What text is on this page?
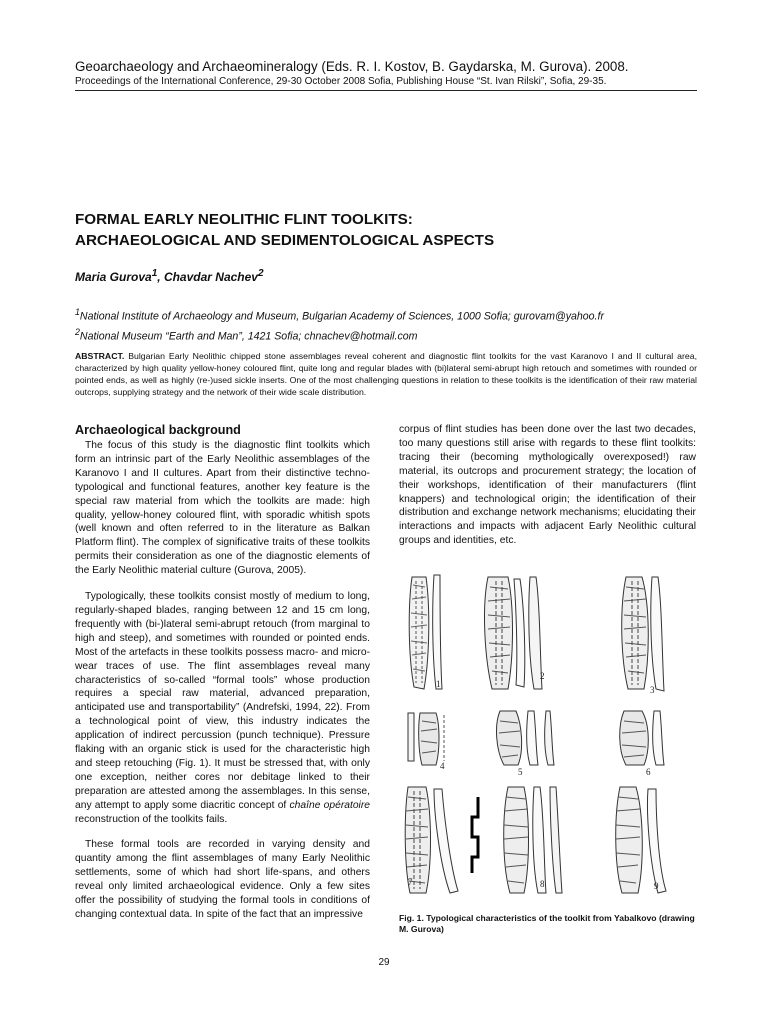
Geoarchaeology and Archaeomineralogy (Eds. R. I. Kostov, B. Gaydarska, M. Gurova). 2008.
Proceedings of the International Conference, 29-30 October 2008 Sofia, Publishing House “St. Ivan Rilski”, Sofia, 29-35.
FORMAL EARLY NEOLITHIC FLINT TOOLKITS:
ARCHAEOLOGICAL AND SEDIMENTOLOGICAL ASPECTS
Maria Gurova$^1$, Chavdar Nachev$^2$
$^1$National Institute of Archaeology and Museum, Bulgarian Academy of Sciences, 1000 Sofia; gurovam@yahoo.fr
$^2$National Museum “Earth and Man”, 1421 Sofia; chnachev@hotmail.com
ABSTRACT. Bulgarian Early Neolithic chipped stone assemblages reveal coherent and diagnostic flint toolkits for the vast Karanovo I and II cultural area, characterized by high quality yellow-honey coloured flint, quite long and regular blades with (bi)lateral semi-abrupt high retouch and sometimes with rounded or pointed ends, as well as highly (re-)used sickle inserts. One of the most challenging questions in relation to these toolkits is the identification of their raw material outcrops, supplying strategy and the network of their wide scale distribution.
Archaeological background

The focus of this study is the diagnostic flint toolkits which form an intrinsic part of the Early Neolithic assemblages of the Karanovo I and II cultures. Apart from their distinctive techno-typological and functional features, another key feature is the special raw material from which the toolkits are made: high quality, yellow-honey coloured flint, with sporadic whitish spots (well known and often referred to in the literature as Balkan Platform flint). The complex of significative traits of these toolkits permits their consideration as one of the diagnostic elements of the Early Neolithic material culture (Gurova, 2005).

Typologically, these toolkits consist mostly of medium to long, regularly-shaped blades, ranging between 12 and 15 cm long, frequently with (bi-)lateral semi-abrupt retouch (from marginal to high and steep), and sometimes with rounded or pointed ends. Most of the artefacts in these toolkits possess macro- and micro-wear traces of use. The flint assemblages reveal many characteristics of so-called “formal tools” whose production requires a special raw material, advanced preparation, anticipated use and transportability” (Andrefski, 1994, 22). From a technological point of view, this industry indicates the application of indirect percussion (punch technique). Pressure flaking with an organic stick is used for the characteristic high and steep retouching (Fig. 1). It must be stressed that, with only one exception, neither cores nor debitage linked to their preparation are attested among the assemblages. In this sense, any attempt to apply some diacritic concept of chaîne opératoire reconstruction of the toolkits fails.

These formal tools are recorded in varying density and quantity among the flint assemblages of many Early Neolithic settlements, some of which had short life-spans, and others reveal only limited archaeological evidence. Only a few sites offer the possibility of studying the formal tools in conditions of changing contextual data. In spite of the fact that an impressive

corpus of flint studies has been done over the last two decades, too many questions still arise with regards to these flint toolkits: tracing their (becoming mythologically overexposed!) raw material, its outcrops and procurement strategy; the location of their workshops, identification of their manufacturers (flint knappers) and technological origin; the identification of their distribution and exchange network mechanisms; elucidating their interactions and impacts with adjacent Early Neolithic cultural groups and identities, etc.

1
2
3
4
5	6
7	8	9
Fig. 1. Typological characteristics of the toolkit from Yabalkovo (drawing M. Gurova)
29
